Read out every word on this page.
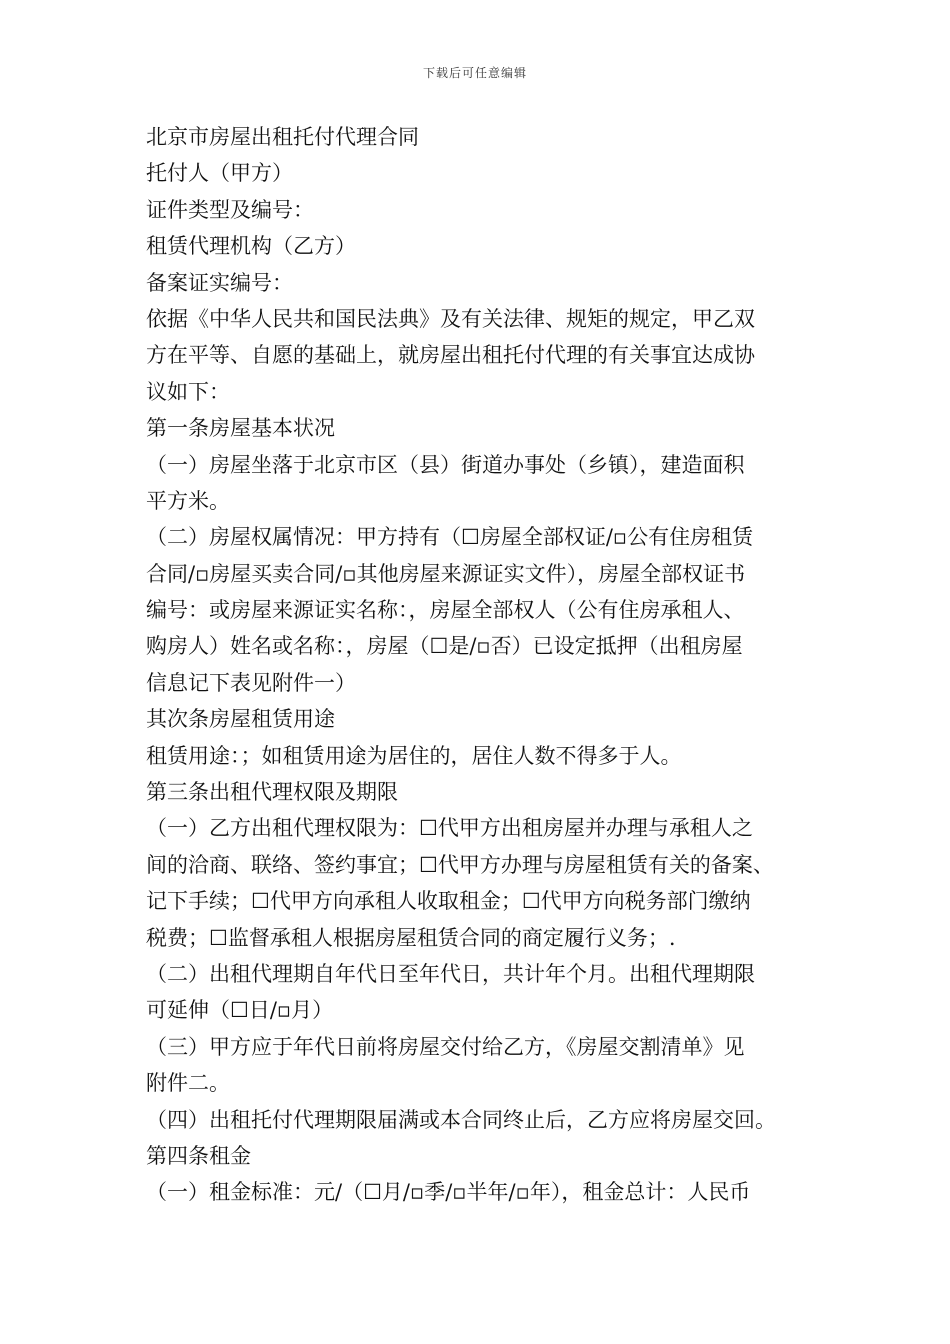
下载后可任意编辑
北京市房屋出租托付代理合同
托付人（甲方）
证件类型及编号：
租赁代理机构（乙方）
备案证实编号：
依据《中华人民共和国民法典》及有关法律、规矩的规定，甲乙双
方在平等、自愿的基础上，就房屋出租托付代理的有关事宜达成协
议如下：
第一条房屋基本状况
（一）房屋坐落于北京市区（县）街道办事处（乡镇），建造面积
平方米。
（二）房屋权属情况：甲方持有（☐房屋全部权证/▫公有住房租赁
合同/▫房屋买卖合同/▫其他房屋来源证实文件），房屋全部权证书
编号：或房屋来源证实名称：，房屋全部权人（公有住房承租人、
购房人）姓名或名称：，房屋（☐是/▫否）已设定抵押（出租房屋
信息记下表见附件一）
其次条房屋租赁用途
租赁用途：；如租赁用途为居住的，居住人数不得多于人。
第三条出租代理权限及期限
（一）乙方出租代理权限为：☐代甲方出租房屋并办理与承租人之
间的洽商、联络、签约事宜；☐代甲方办理与房屋租赁有关的备案、
记下手续；☐代甲方向承租人收取租金；☐代甲方向税务部门缴纳
税费；☐监督承租人根据房屋租赁合同的商定履行义务；.
（二）出租代理期自年代日至年代日，共计年个月。出租代理期限
可延伸（☐日/▫月）
（三）甲方应于年代日前将房屋交付给乙方，《房屋交割清单》见
附件二。
（四）出租托付代理期限届满或本合同终止后，乙方应将房屋交回。
第四条租金
（一）租金标准：元/（☐月/▫季/▫半年/▫年），租金总计：人民币
